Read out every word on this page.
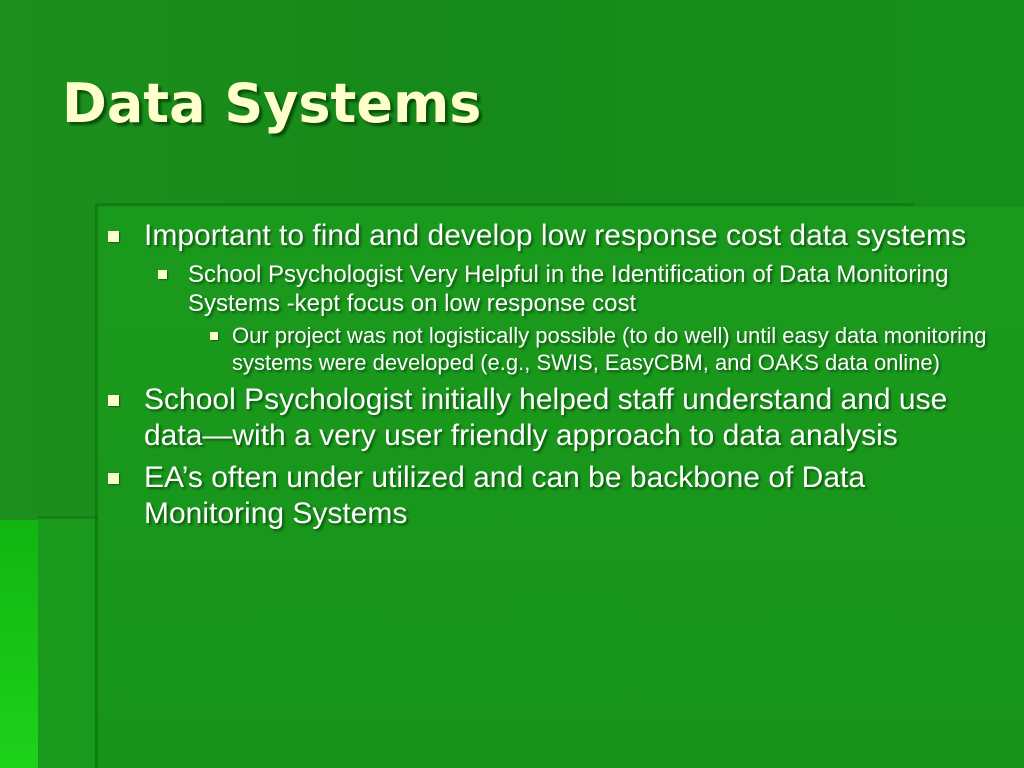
Data Systems
Important to find and develop low response cost data systems
School Psychologist Very Helpful in the Identification of Data Monitoring Systems -kept focus on low response cost
Our project was not logistically possible (to do well) until easy data monitoring systems were developed (e.g., SWIS, EasyCBM, and OAKS data online)
School Psychologist initially helped staff understand and use data—with a very user friendly approach to data analysis
EA’s often under utilized and can be backbone of Data Monitoring Systems
